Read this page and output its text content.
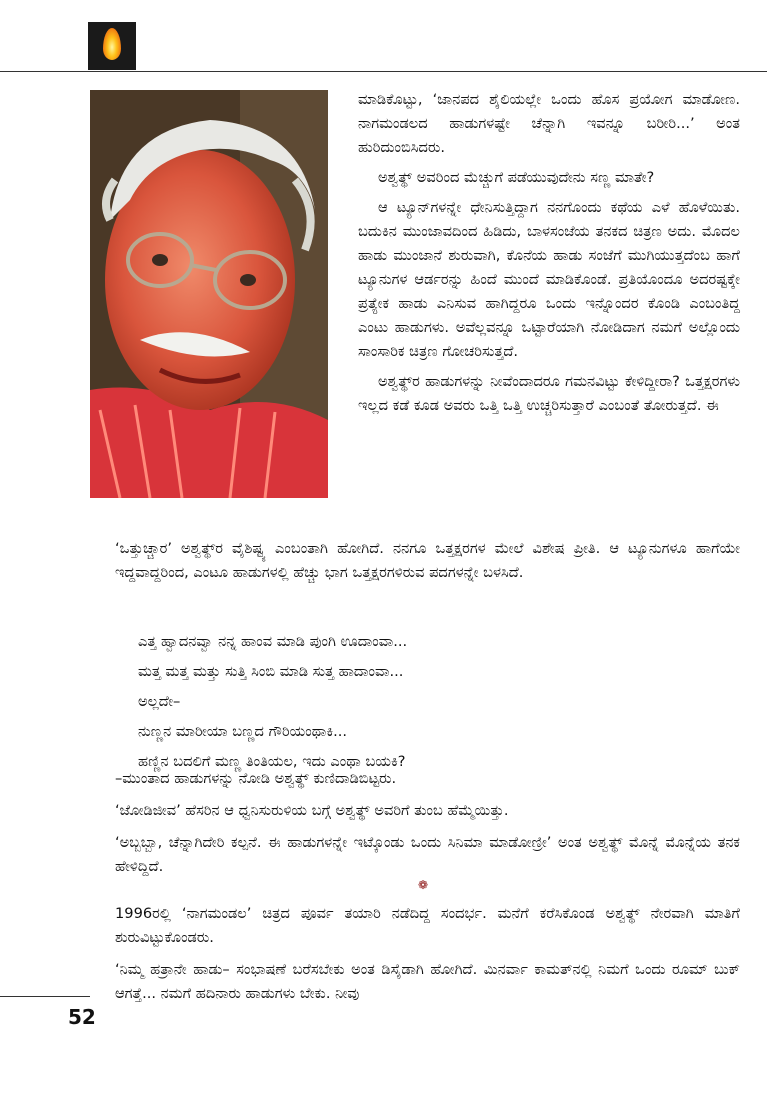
ಮಾಡಿಕೊಟ್ಟು, ‘ಜಾನಪದ ಶೈಲಿಯಲ್ಲೇ ಒಂದು ಹೊಸ ಪ್ರಯೋಗ ಮಾಡೋಣ. ನಾಗಮಂಡಲದ ಹಾಡುಗಳಷ್ಟೇ ಚೆನ್ನಾಗಿ ಇವನ್ನೂ ಬರೀರಿ...’ ಅಂತ ಹುರಿದುಂಬಿಸಿದರು.

ಅಶ್ವತ್ಥ್ ಅವರಿಂದ ಮೆಚ್ಚುಗೆ ಪಡೆಯುವುದೇನು ಸಣ್ಣ ಮಾತೇ?

ಆ ಟ್ಯೂನ್‌ಗಳನ್ನೇ ಧೇನಿಸುತ್ತಿದ್ದಾಗ ನನಗೊಂದು ಕಥೆಯ ಎಳೆ ಹೊಳೆಯಿತು. ಬದುಕಿನ ಮುಂಜಾವದಿಂದ ಹಿಡಿದು, ಬಾಳಸಂಜೆಯ ತನಕದ ಚಿತ್ರಣ ಅದು. ಮೊದಲ ಹಾಡು ಮುಂಜಾನೆ ಶುರುವಾಗಿ, ಕೊನೆಯ ಹಾಡು ಸಂಜೆಗೆ ಮುಗಿಯುತ್ತದೆಂಬ ಹಾಗೆ ಟ್ಯೂನುಗಳ ಆರ್ಡರನ್ನು ಹಿಂದೆ ಮುಂದೆ ಮಾಡಿಕೊಂಡೆ. ಪ್ರತಿಯೊಂದೂ ಅದರಷ್ಟಕ್ಕೇ ಪ್ರತ್ಯೇಕ ಹಾಡು ಎನಿಸುವ ಹಾಗಿದ್ದರೂ ಒಂದು ಇನ್ನೊಂದರ ಕೊಂಡಿ ಎಂಬಂತಿದ್ದ ಎಂಟು ಹಾಡುಗಳು. ಅವೆಲ್ಲವನ್ನೂ ಒಟ್ಟಾರೆಯಾಗಿ ನೋಡಿದಾಗ ನಮಗೆ ಅಲ್ಲೊಂದು ಸಾಂಸಾರಿಕ ಚಿತ್ರಣ ಗೋಚರಿಸುತ್ತದೆ.

ಅಶ್ವತ್ಥ್‌ರ ಹಾಡುಗಳನ್ನು ನೀವೆಂದಾದರೂ ಗಮನವಿಟ್ಟು ಕೇಳಿದ್ದೀರಾ? ಒತ್ತಕ್ಷರಗಳು ಇಲ್ಲದ ಕಡೆ ಕೂಡ ಅವರು ಒತ್ತಿ ಒತ್ತಿ ಉಚ್ಚರಿಸುತ್ತಾರೆ ಎಂಬಂತೆ ತೋರುತ್ತದೆ. ಈ

‘ಒತ್ತುಚ್ಚಾರ’ ಅಶ್ವತ್ಥ್‌ರ ವೈಶಿಷ್ಟ್ಯ ಎಂಬಂತಾಗಿ ಹೋಗಿದೆ. ನನಗೂ ಒತ್ತಕ್ಷರಗಳ ಮೇಲೆ ವಿಶೇಷ ಪ್ರೀತಿ. ಆ ಟ್ಯೂನುಗಳೂ ಹಾಗೆಯೇ ಇದ್ದವಾದ್ದರಿಂದ, ಎಂಟೂ ಹಾಡುಗಳಲ್ಲಿ ಹೆಚ್ಚು ಭಾಗ ಒತ್ತಕ್ಷರಗಳಿರುವ ಪದಗಳನ್ನೇ ಬಳಸಿದೆ.

ಎತ್ತ ಹ್ವಾದನವ್ವಾ ನನ್ನ ಹಾಂವ ಮಾಡಿ ಪುಂಗಿ ಊದಾಂವಾ...
ಮತ್ತ ಮತ್ತ ಮತ್ತು ಸುತ್ತಿ ಸಿಂಬಿ ಮಾಡಿ ಸುತ್ತ ಹಾದಾಂವಾ...
ಅಲ್ಲದೇ–
ನುಣ್ಣನ ಮಾರೀಯಾ ಬಣ್ಣದ ಗೌರಿಯಂಥಾಕಿ...
ಹಣ್ಣಿನ ಬದಲಿಗೆ ಮಣ್ಣ ತಿಂತಿಯಲ, ಇದು ಎಂಥಾ ಬಯಕಿ?

–ಮುಂತಾದ ಹಾಡುಗಳನ್ನು ನೋಡಿ ಅಶ್ವತ್ಥ್ ಕುಣಿದಾಡಿಬಿಟ್ಟರು.

‘ಜೋಡಿಜೀವ’ ಹೆಸರಿನ ಆ ಧ್ವನಿಸುರುಳಿಯ ಬಗ್ಗೆ ಅಶ್ವತ್ಥ್ ಅವರಿಗೆ ತುಂಬ ಹೆಮ್ಮೆಯಿತ್ತು.

‘ಅಬ್ಬಬ್ಬಾ, ಚೆನ್ನಾಗಿದೇರಿ ಕಲ್ಪನೆ. ಈ ಹಾಡುಗಳನ್ನೇ ಇಟ್ಕೊಂಡು ಒಂದು ಸಿನಿಮಾ ಮಾಡೋಣ್ರೀ’ ಅಂತ ಅಶ್ವತ್ಥ್ ಮೊನ್ನೆ ಮೊನ್ನೆಯ ತನಕ ಹೇಳಿದ್ದಿದೆ.

❁

1996ರಲ್ಲಿ ‘ನಾಗಮಂಡಲ’ ಚಿತ್ರದ ಪೂರ್ವ ತಯಾರಿ ನಡೆದಿದ್ದ ಸಂದರ್ಭ. ಮನೆಗೆ ಕರೆಸಿಕೊಂಡ ಅಶ್ವತ್ಥ್ ನೇರವಾಗಿ ಮಾತಿಗೆ ಶುರುವಿಟ್ಟುಕೊಂಡರು.

‘ನಿಮ್ಮ ಹತ್ರಾನೇ ಹಾಡು– ಸಂಭಾಷಣೆ ಬರೆಸಬೇಕು ಅಂತ ಡಿಸೈಡಾಗಿ ಹೋಗಿದೆ. ಮಿನರ್ವಾ ಕಾಮತ್‌ನಲ್ಲಿ ನಿಮಗೆ ಒಂದು ರೂಮ್ ಬುಕ್ ಆಗತ್ತೆ... ನಮಗೆ ಹದಿನಾರು ಹಾಡುಗಳು ಬೇಕು. ನೀವು

52
